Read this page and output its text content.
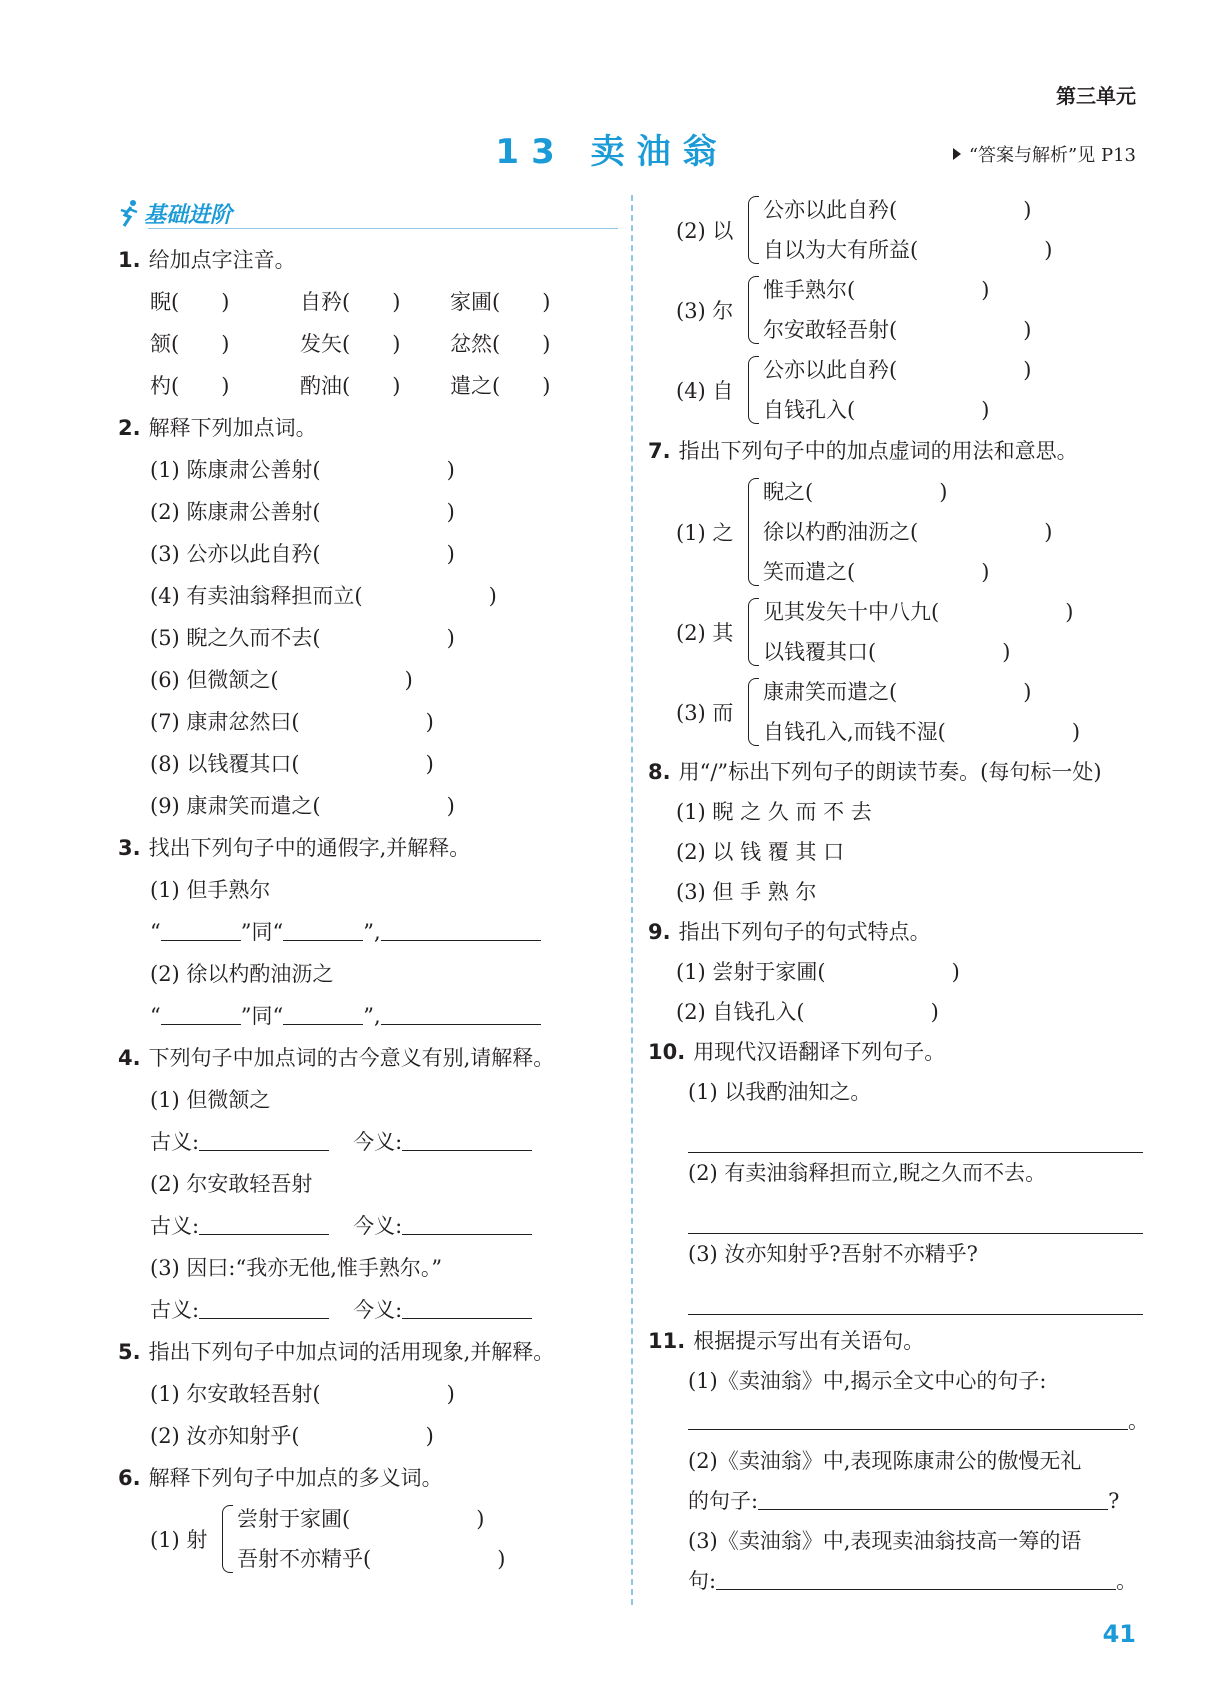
第三单元
13 卖油翁	“答案与解析”见 P13
基础进阶
1. 给加点字注音。
睨(　　)	自矜(　　)	家圃(　　)
颔(　　)	发矢(　　)	忿然(　　)
杓(　　)	酌油(　　)	遣之(　　)
2. 解释下列加点词。
(1) 陈康肃公善射(　　　　　　)
(2) 陈康肃公善射(　　　　　　)
(3) 公亦以此自矜(　　　　　　)
(4) 有卖油翁释担而立(　　　　　　)
(5) 睨之久而不去(　　　　　　)
(6) 但微颔之(　　　　　　)
(7) 康肃忿然曰(　　　　　　)
(8) 以钱覆其口(　　　　　　)
(9) 康肃笑而遣之(　　　　　　)
3. 找出下列句子中的通假字,并解释。
(1) 但手熟尔
“	”同“	”,
(2) 徐以杓酌油沥之
“	”同“	”,
4. 下列句子中加点词的古今意义有别,请解释。
(1) 但微颔之
古义:	今义:
(2) 尔安敢轻吾射
古义:	今义:
(3) 因曰:“我亦无他,惟手熟尔。”
古义:	今义:
5. 指出下列句子中加点词的活用现象,并解释。
(1) 尔安敢轻吾射(　　　　　　)
(2) 汝亦知射乎(　　　　　　)
6. 解释下列句子中加点的多义词。
(1) 射
尝射于家圃(　　　　　　)
吾射不亦精乎(　　　　　　)
(2) 以
公亦以此自矜(　　　　　　)
自以为大有所益(　　　　　　)
(3) 尔
惟手熟尔(　　　　　　)
尔安敢轻吾射(　　　　　　)
(4) 自
公亦以此自矜(　　　　　　)
自钱孔入(　　　　　　)
7. 指出下列句子中的加点虚词的用法和意思。
(1) 之
睨之(　　　　　　)
徐以杓酌油沥之(　　　　　　)
笑而遣之(　　　　　　)
(2) 其
见其发矢十中八九(　　　　　　)
以钱覆其口(　　　　　　)
(3) 而
康肃笑而遣之(　　　　　　)
自钱孔入,而钱不湿(　　　　　　)
8. 用“/”标出下列句子的朗读节奏。(每句标一处)
(1) 睨 之 久 而 不 去
(2) 以 钱 覆 其 口
(3) 但 手 熟 尔
9. 指出下列句子的句式特点。
(1) 尝射于家圃(　　　　　　)
(2) 自钱孔入(　　　　　　)
10. 用现代汉语翻译下列句子。
(1) 以我酌油知之。
(2) 有卖油翁释担而立,睨之久而不去。
(3) 汝亦知射乎?吾射不亦精乎?
11. 根据提示写出有关语句。
(1)《卖油翁》中,揭示全文中心的句子:
。
(2)《卖油翁》中,表现陈康肃公的傲慢无礼
的句子:	?
(3)《卖油翁》中,表现卖油翁技高一筹的语
句:	。
41
